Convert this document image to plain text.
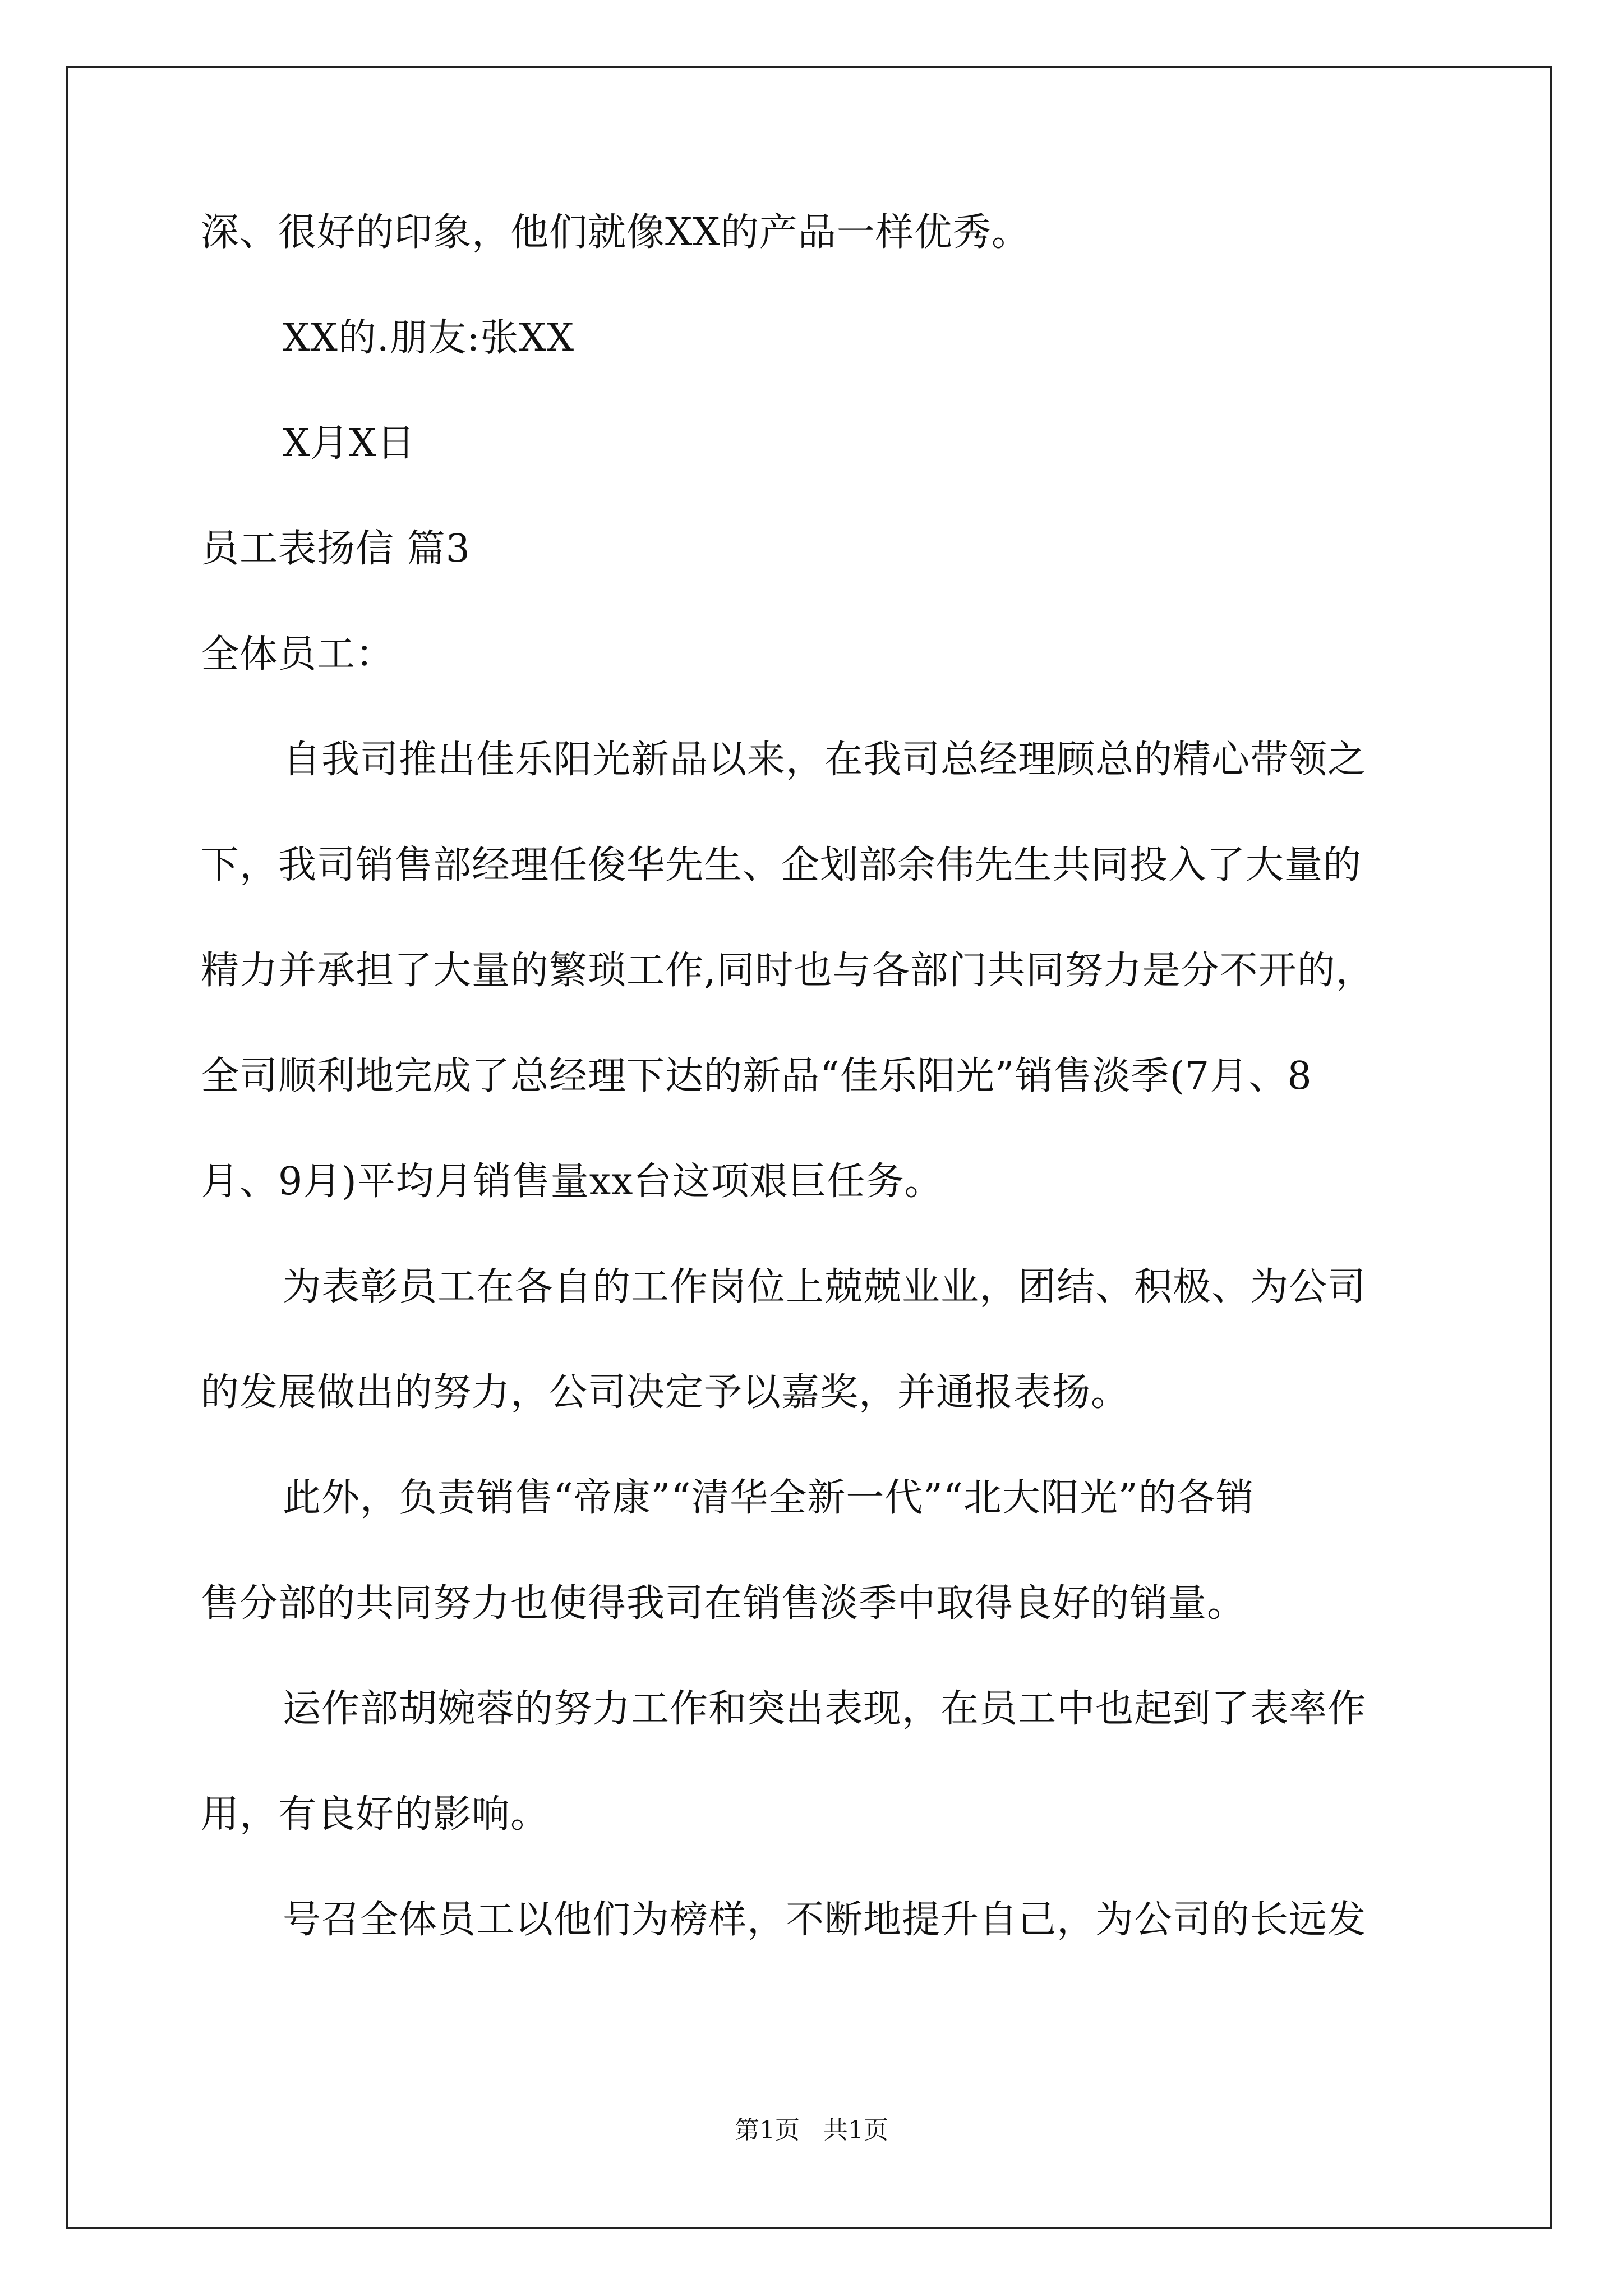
深、很好的印象，他们就像XX的产品一样优秀。
XX的.朋友:张XX
X月X日
员工表扬信 篇3
全体员工：
自我司推出佳乐阳光新品以来，在我司总经理顾总的精心带领之
下，我司销售部经理任俊华先生、企划部余伟先生共同投入了大量的
精力并承担了大量的繁琐工作,同时也与各部门共同努力是分不开的，
全司顺利地完成了总经理下达的新品“佳乐阳光”销售淡季(7月、8
月、9月)平均月销售量xx台这项艰巨任务。
为表彰员工在各自的工作岗位上兢兢业业，团结、积极、为公司
的发展做出的努力，公司决定予以嘉奖，并通报表扬。
此外，负责销售“帝康”“清华全新一代”“北大阳光”的各销
售分部的共同努力也使得我司在销售淡季中取得良好的销量。
运作部胡婉蓉的努力工作和突出表现，在员工中也起到了表率作
用，有良好的影响。
号召全体员工以他们为榜样，不断地提升自己，为公司的长远发
第1页 共1页
